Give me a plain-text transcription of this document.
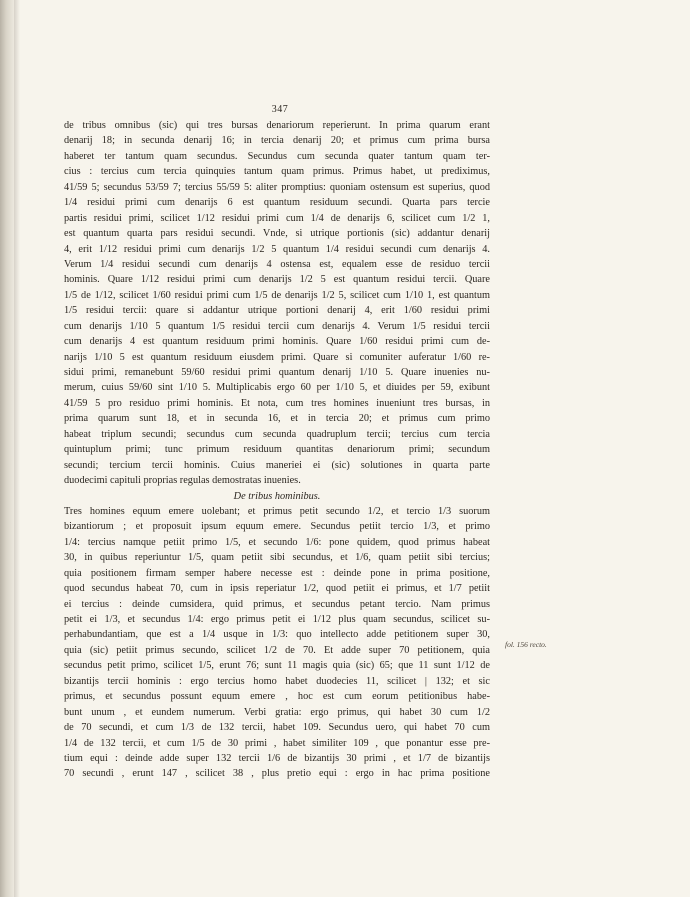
347
de tribus omnibus (sic) qui tres bursas denariorum reperierunt. In prima quarum erant
denarij 18; in secunda denarij 16; in tercia denarij 20; et primus cum prima bursa
haberet ter tantum quam secundus. Secundus cum secunda quater tantum quam ter-
cius : tercius cum tercia quinquies tantum quam primus. Primus habet, ut prediximus,
41/59 5; secundus 53/59 7; tercius 55/59 5: aliter promptius: quoniam ostensum est superius, quod
1/4 residui primi cum denarijs 6 est quantum residuum secundi. Quarta pars tercie
partis residui primi, scilicet 1/12 residui primi cum 1/4 de denarijs 6, scilicet cum 1/2 1,
est quantum quarta pars residui secundi. Vnde, si utrique portionis (sic) addantur denarij
4, erit 1/12 residui primi cum denarijs 1/2 5 quantum 1/4 residui secundi cum denarijs 4.
Verum 1/4 residui secundi cum denarijs 4 ostensa est, equalem esse de residuo tercii
hominis. Quare 1/12 residui primi cum denarijs 1/2 5 est quantum residui tercii. Quare
1/5 de 1/12, scilicet 1/60 residui primi cum 1/5 de denarijs 1/2 5, scilicet cum 1/10 1, est quantum
1/5 residui tercii: quare si addantur utrique portioni denarij 4, erit 1/60 residui primi
cum denarijs 1/10 5 quantum 1/5 residui tercii cum denarijs 4. Verum 1/5 residui tercii
cum denarijs 4 est quantum residuum primi hominis. Quare 1/60 residui primi cum de-
narijs 1/10 5 est quantum residuum eiusdem primi. Quare si comuniter auferatur 1/60 re-
sidui primi, remanebunt 59/60 residui primi quantum denarij 1/10 5. Quare inuenies nu-
merum, cuius 59/60 sint 1/10 5. Multiplicabis ergo 60 per 1/10 5, et diuides per 59, exibunt
41/59 5 pro residuo primi hominis. Et nota, cum tres homines inueniunt tres bursas, in
prima quarum sunt 18, et in secunda 16, et in tercia 20; et primus cum primo
habeat triplum secundi; secundus cum secunda quadruplum tercii; tercius cum tercia
quintuplum primi; tunc primum residuum quantitas denariorum primi; secundum
secundi; tercium tercii hominis. Cuius maneriei ei (sic) solutiones in quarta parte
duodecimi capituli proprias regulas demostratas inuenies.
De tribus hominibus.
Tres homines equum emere uolebant; et primus petit secundo 1/2, et tercio 1/3 suorum
bizantiorum ; et proposuit ipsum equum emere. Secundus petiit tercio 1/3, et primo
1/4: tercius namque petiit primo 1/5, et secundo 1/6: pone quidem, quod primus habeat
30, in quibus reperiuntur 1/5, quam petiit sibi secundus, et 1/6, quam petiit sibi tercius;
quia positionem firmam semper habere necesse est : deinde pone in prima positione,
quod secundus habeat 70, cum in ipsis reperiatur 1/2, quod petiit ei primus, et 1/7 petiit
ei tercius : deinde cumsidera, quid primus, et secundus petant tercio. Nam primus
petit ei 1/3, et secundus 1/4: ergo primus petit ei 1/12 plus quam secundus, scilicet su-
perhabundantiam, que est a 1/4 usque in 1/3: quo intellecto adde petitionem super 30,
quia (sic) petiit primus secundo, scilicet 1/2 de 70. Et adde super 70 petitionem, quia
secundus petit primo, scilicet 1/5, erunt 76; sunt 11 magis quia (sic) 65; que 11 sunt 1/12 de
bizantijs tercii hominis : ergo tercius homo habet duodecies 11, scilicet | 132; et sic
primus, et secundus possunt equum emere , hoc est cum eorum petitionibus habe-
bunt unum , et eundem numerum. Verbi gratia: ergo primus, qui habet 30 cum 1/2
de 70 secundi, et cum 1/3 de 132 tercii, habet 109. Secundus uero, qui habet 70 cum
1/4 de 132 tercii, et cum 1/5 de 30 primi , habet similiter 109 , que ponantur esse pre-
tium equi : deinde adde super 132 tercii 1/6 de bizantijs 30 primi , et 1/7 de bizantijs
70 secundi , erunt 147 , scilicet 38 , plus pretio equi : ergo in hac prima positione
fol. 156 recto.
